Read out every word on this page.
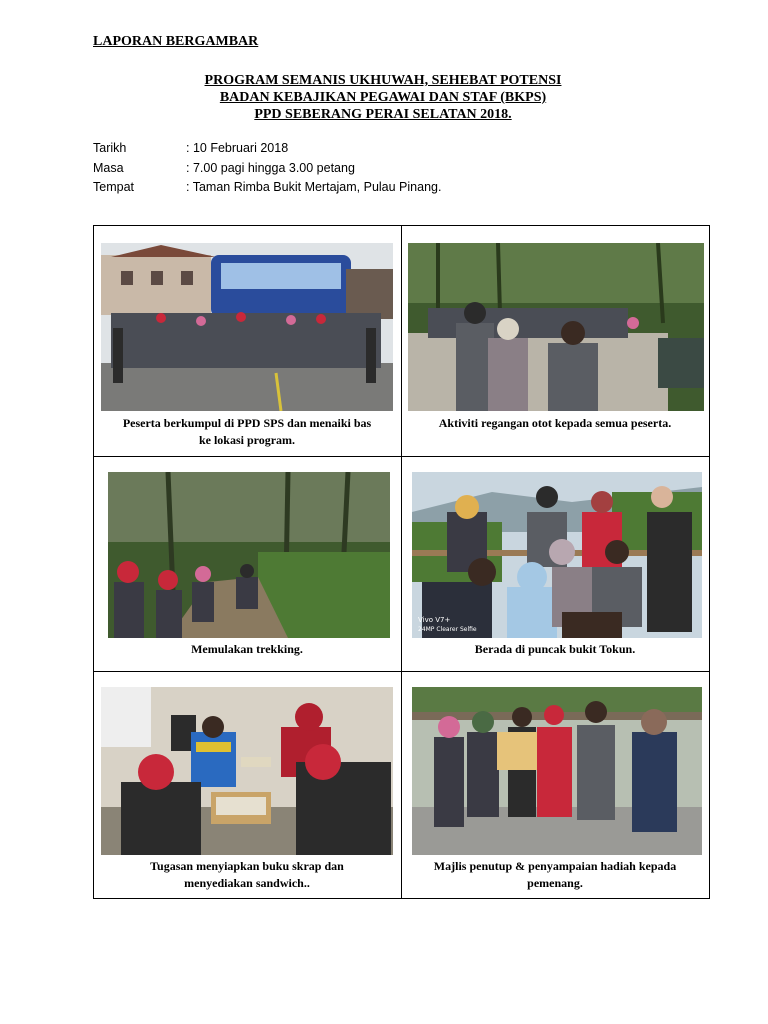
LAPORAN BERGAMBAR
PROGRAM SEMANIS UKHUWAH, SEHEBAT POTENSI
BADAN KEBAJIKAN PEGAWAI DAN STAF (BKPS)
PPD SEBERANG PERAI SELATAN 2018.
Tarikh	: 10 Februari 2018
Masa	: 7.00 pagi hingga 3.00 petang
Tempat	: Taman Rimba Bukit Mertajam, Pulau Pinang.
Peserta berkumpul di PPD SPS dan menaiki bas
ke lokasi program.
Aktiviti regangan otot kepada semua peserta.
Memulakan trekking.
Vivo V7+
24MP Clearer Selfie
Berada di puncak bukit Tokun.
Tugasan menyiapkan buku skrap dan
menyediakan sandwich..
Majlis penutup & penyampaian hadiah kepada
pemenang.
